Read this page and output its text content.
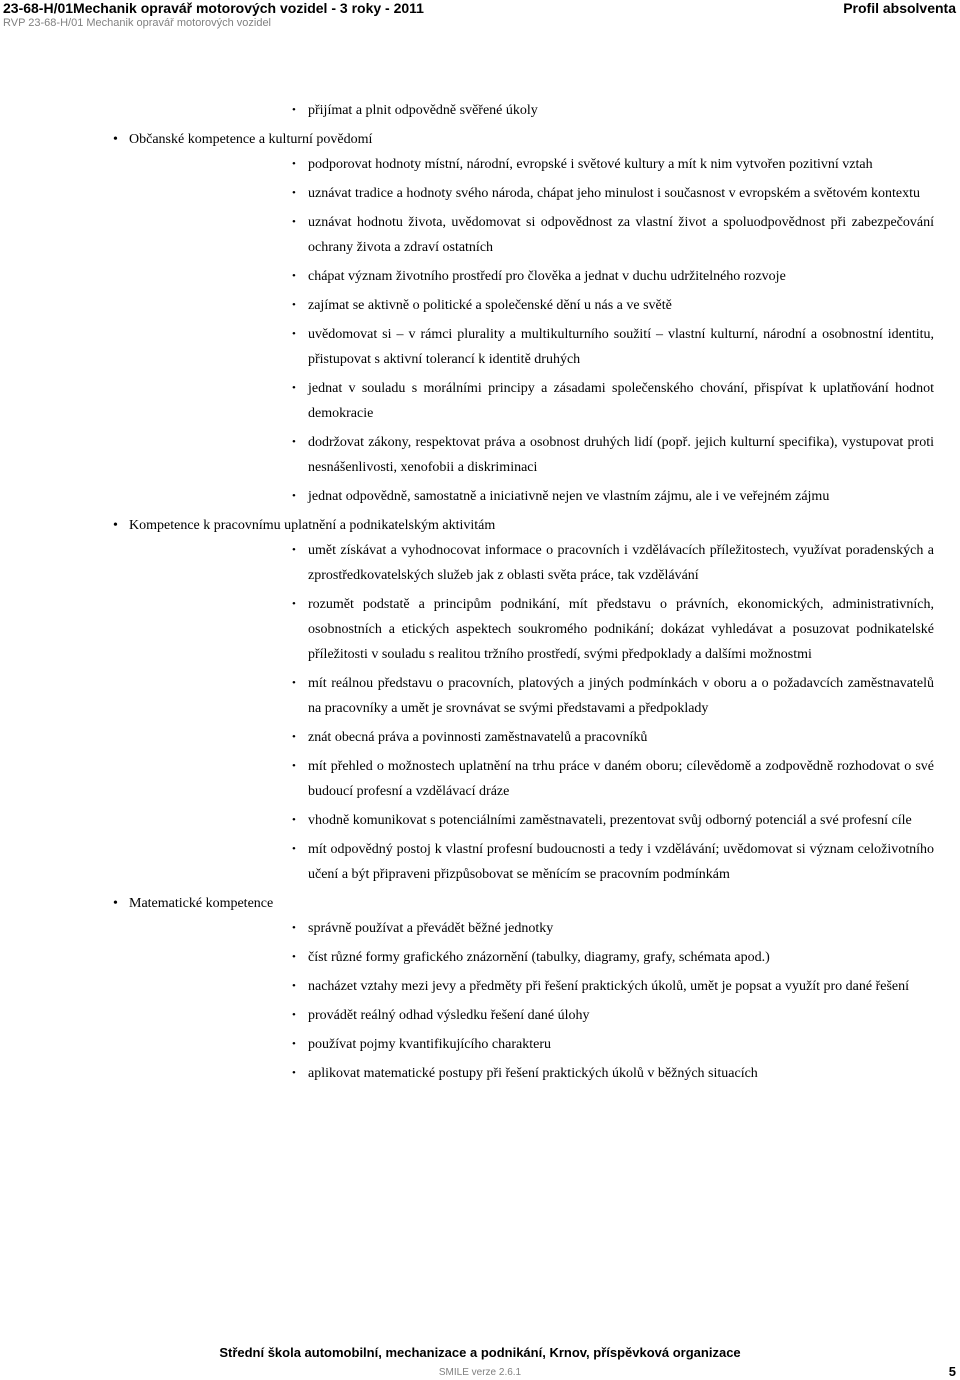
23-68-H/01Mechanik opravář motorových vozidel - 3 roky - 2011
RVP 23-68-H/01 Mechanik opravář motorových vozidel
Profil absolventa
• přijímat a plnit odpovědně svěřené úkoly
• Občanské kompetence a kulturní povědomí
• podporovat hodnoty místní, národní, evropské i světové kultury a mít k nim vytvořen pozitivní vztah
• uznávat tradice a hodnoty svého národa, chápat jeho minulost i současnost v evropském a světovém kontextu
• uznávat hodnotu života, uvědomovat si odpovědnost za vlastní život a spoluodpovědnost při zabezpečování ochrany života a zdraví ostatních
• chápat význam životního prostředí pro člověka a jednat v duchu udržitelného rozvoje
• zajímat se aktivně o politické a společenské dění u nás a ve světě
• uvědomovat si – v rámci plurality a multikulturního soužití – vlastní kulturní, národní a osobnostní identitu, přistupovat s aktivní tolerancí k identitě druhých
• jednat v souladu s morálními principy a zásadami společenského chování, přispívat k uplatňování hodnot demokracie
• dodržovat zákony, respektovat práva a osobnost druhých lidí (popř. jejich kulturní specifika), vystupovat proti nesnášenlivosti, xenofobii a diskriminaci
• jednat odpovědně, samostatně a iniciativně nejen ve vlastním zájmu, ale i ve veřejném zájmu
• Kompetence k pracovnímu uplatnění a podnikatelským aktivitám
• umět získávat a vyhodnocovat informace o pracovních i vzdělávacích příležitostech, využívat poradenských a zprostředkovatelských služeb jak z oblasti světa práce, tak vzdělávání
• rozumět podstatě a principům podnikání, mít představu o právních, ekonomických, administrativních, osobnostních a etických aspektech soukromého podnikání; dokázat vyhledávat a posuzovat podnikatelské příležitosti v souladu s realitou tržního prostředí, svými předpoklady a dalšími možnostmi
• mít reálnou představu o pracovních, platových a jiných podmínkách v oboru a o požadavcích zaměstnavatelů na pracovníky a umět je srovnávat se svými představami a předpoklady
• znát obecná práva a povinnosti zaměstnavatelů a pracovníků
• mít přehled o možnostech uplatnění na trhu práce v daném oboru; cílevědomě a zodpovědně rozhodovat o své budoucí profesní a vzdělávací dráze
• vhodně komunikovat s potenciálními zaměstnavateli, prezentovat svůj odborný potenciál a své profesní cíle
• mít odpovědný postoj k vlastní profesní budoucnosti a tedy i vzdělávání; uvědomovat si význam celoživotního učení a být připraveni přizpůsobovat se měnícím se pracovním podmínkám
• Matematické kompetence
• správně používat a převádět běžné jednotky
• číst různé formy grafického znázornění (tabulky, diagramy, grafy, schémata apod.)
• nacházet vztahy mezi jevy a předměty při řešení praktických úkolů, umět je popsat a využít pro dané řešení
• provádět reálný odhad výsledku řešení dané úlohy
• používat pojmy kvantifikujícího charakteru
• aplikovat matematické postupy při řešení praktických úkolů v běžných situacích
Střední škola automobilní, mechanizace a podnikání, Krnov, příspěvková organizace
SMILE verze 2.6.1	5
